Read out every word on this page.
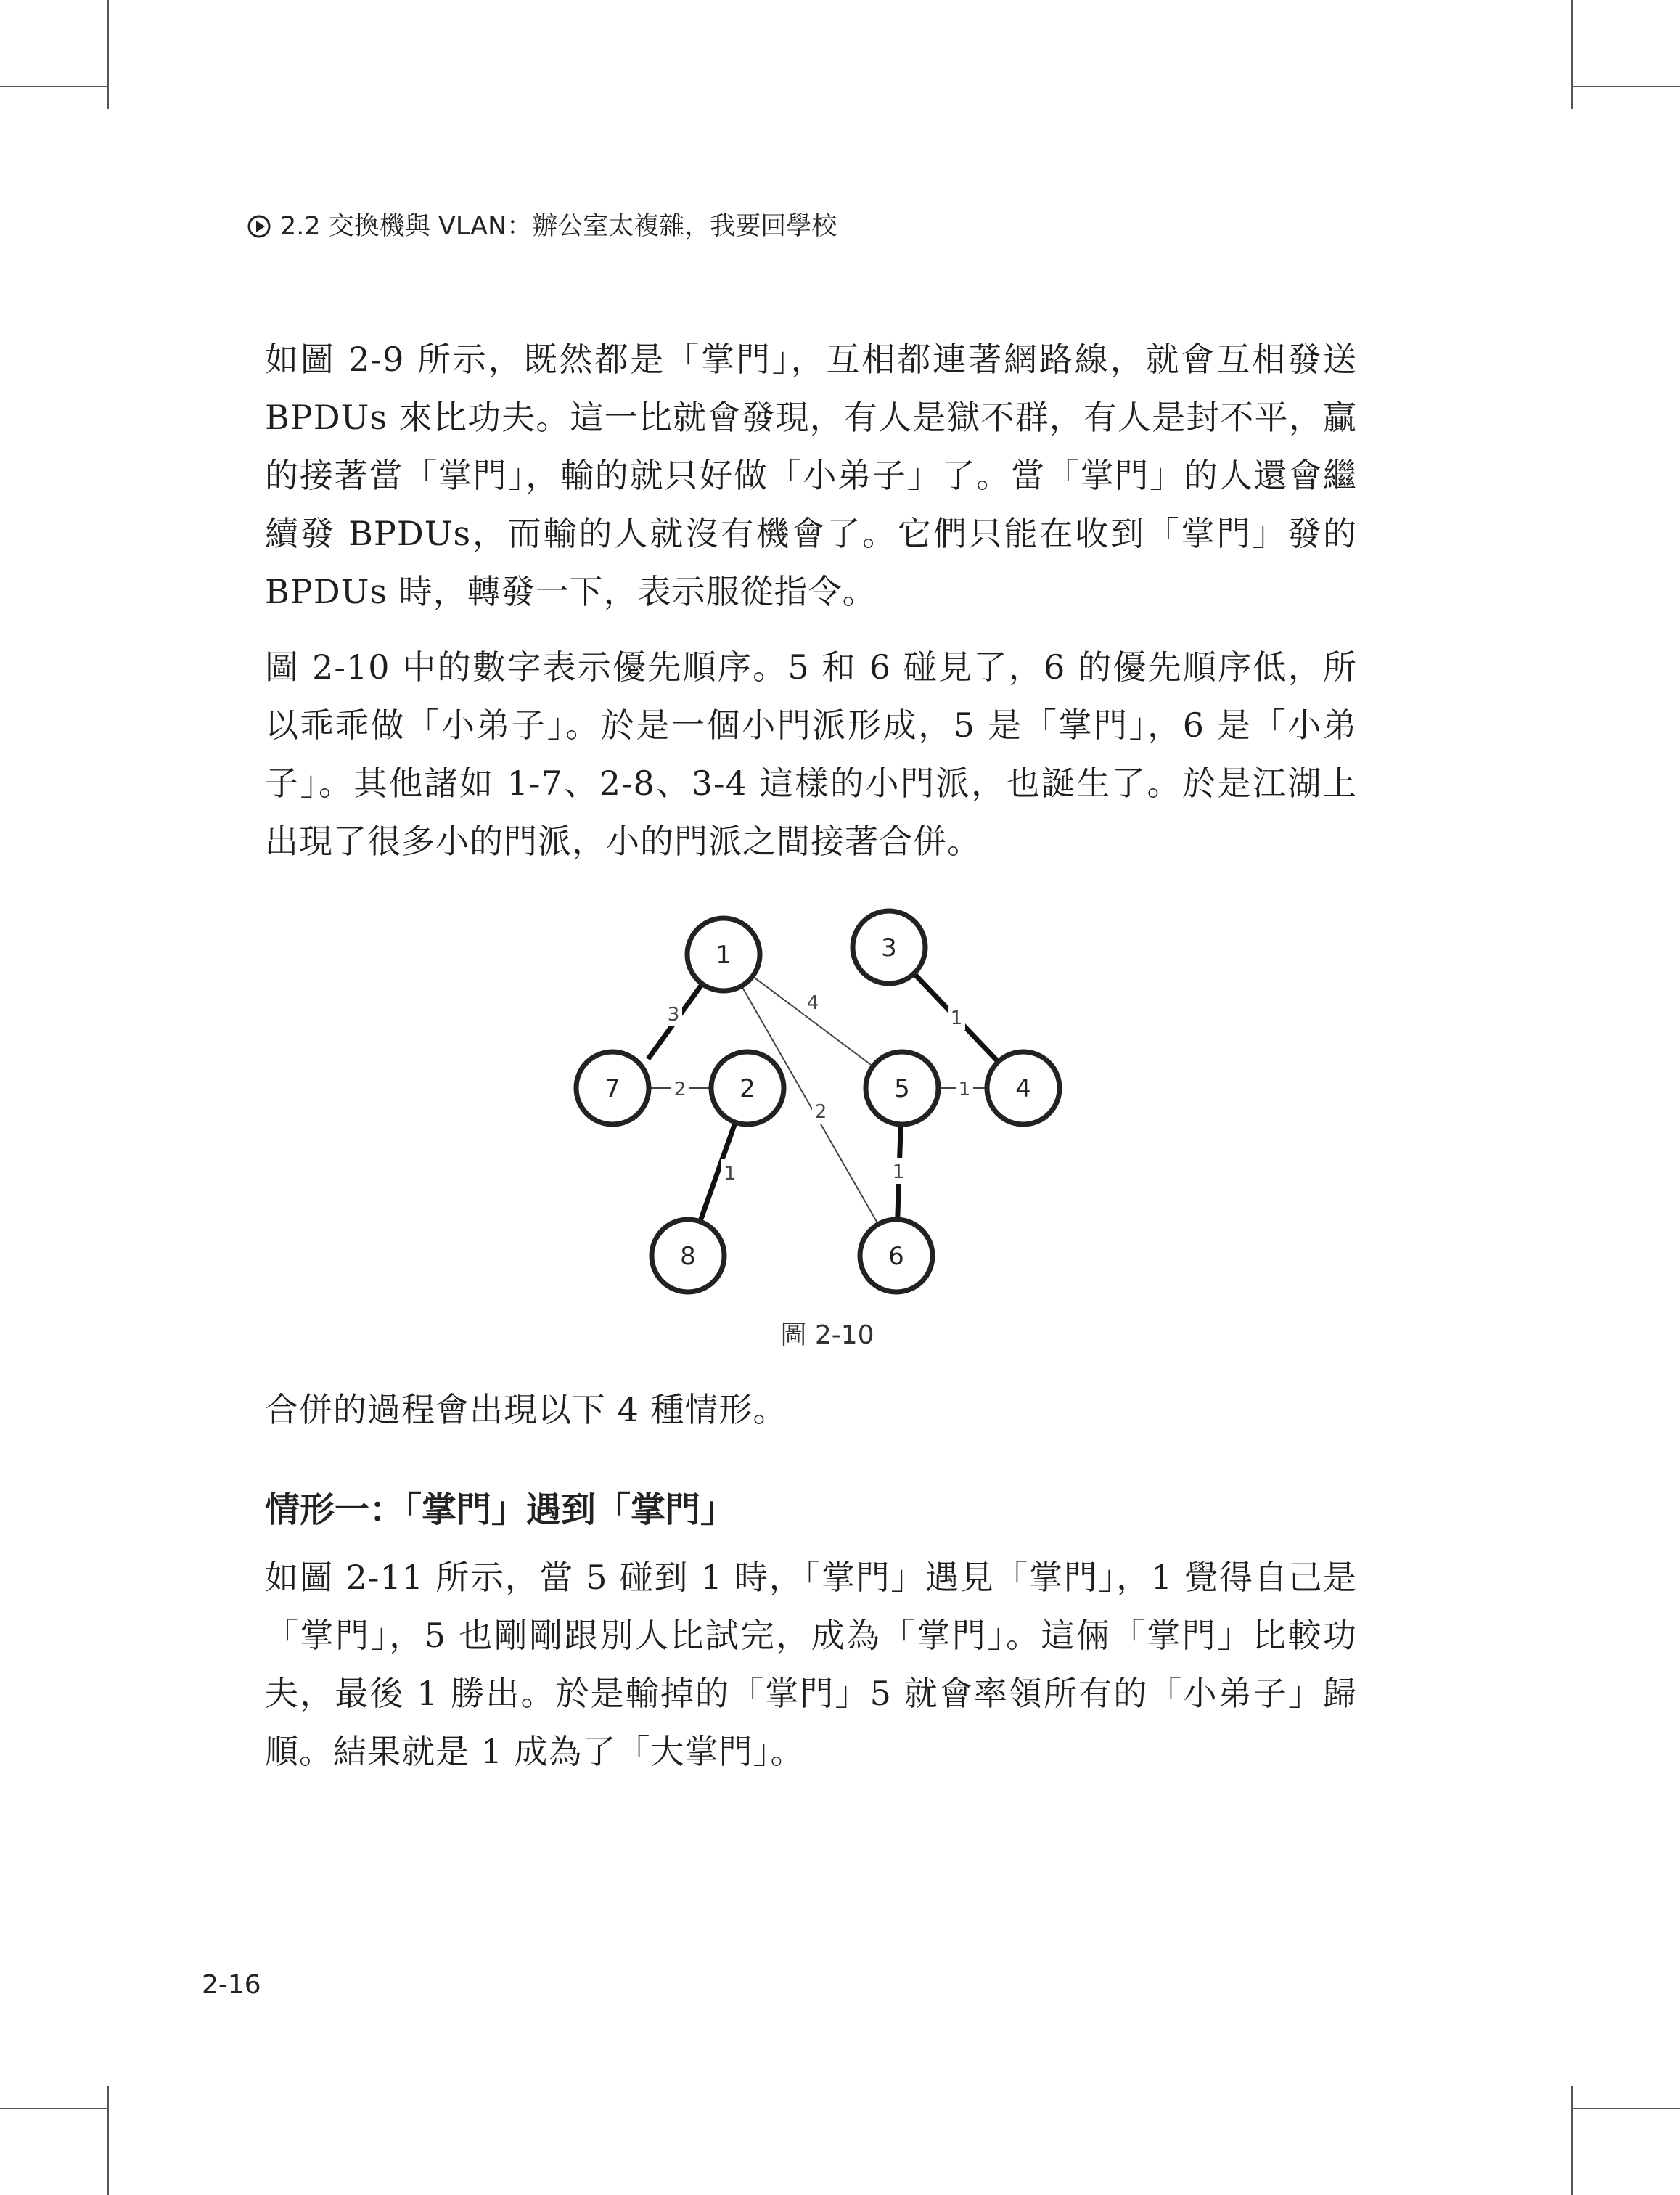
2.2 交換機與 VLAN：辦公室太複雜，我要回學校

如圖 2-9 所示，既然都是「掌門」，互相都連著網路線，就會互相發送 BPDUs 來比功夫。這一比就會發現，有人是獄不群，有人是封不平，贏的接著當「掌門」，輸的就只好做「小弟子」了。當「掌門」的人還會繼續發 BPDUs，而輸的人就沒有機會了。它們只能在收到「掌門」發的 BPDUs 時，轉發一下，表示服從指令。

圖 2-10 中的數字表示優先順序。5 和 6 碰見了，6 的優先順序低，所以乖乖做「小弟子」。於是一個小門派形成，5 是「掌門」，6 是「小弟子」。其他諸如 1-7、2-8、3-4 這樣的小門派，也誕生了。於是江湖上出現了很多小的門派，小的門派之間接著合併。

3
4
2
1
2	1
1	1
1	3
7	2	5	4
8	6
圖 2-10

合併的過程會出現以下 4 種情形。

情形一：「掌門」遇到「掌門」

如圖 2-11 所示，當 5 碰到 1 時，「掌門」遇見「掌門」，1 覺得自己是「掌門」，5 也剛剛跟別人比試完，成為「掌門」。這倆「掌門」比較功夫，最後 1 勝出。於是輸掉的「掌門」5 就會率領所有的「小弟子」歸順。結果就是 1 成為了「大掌門」。

2-16
